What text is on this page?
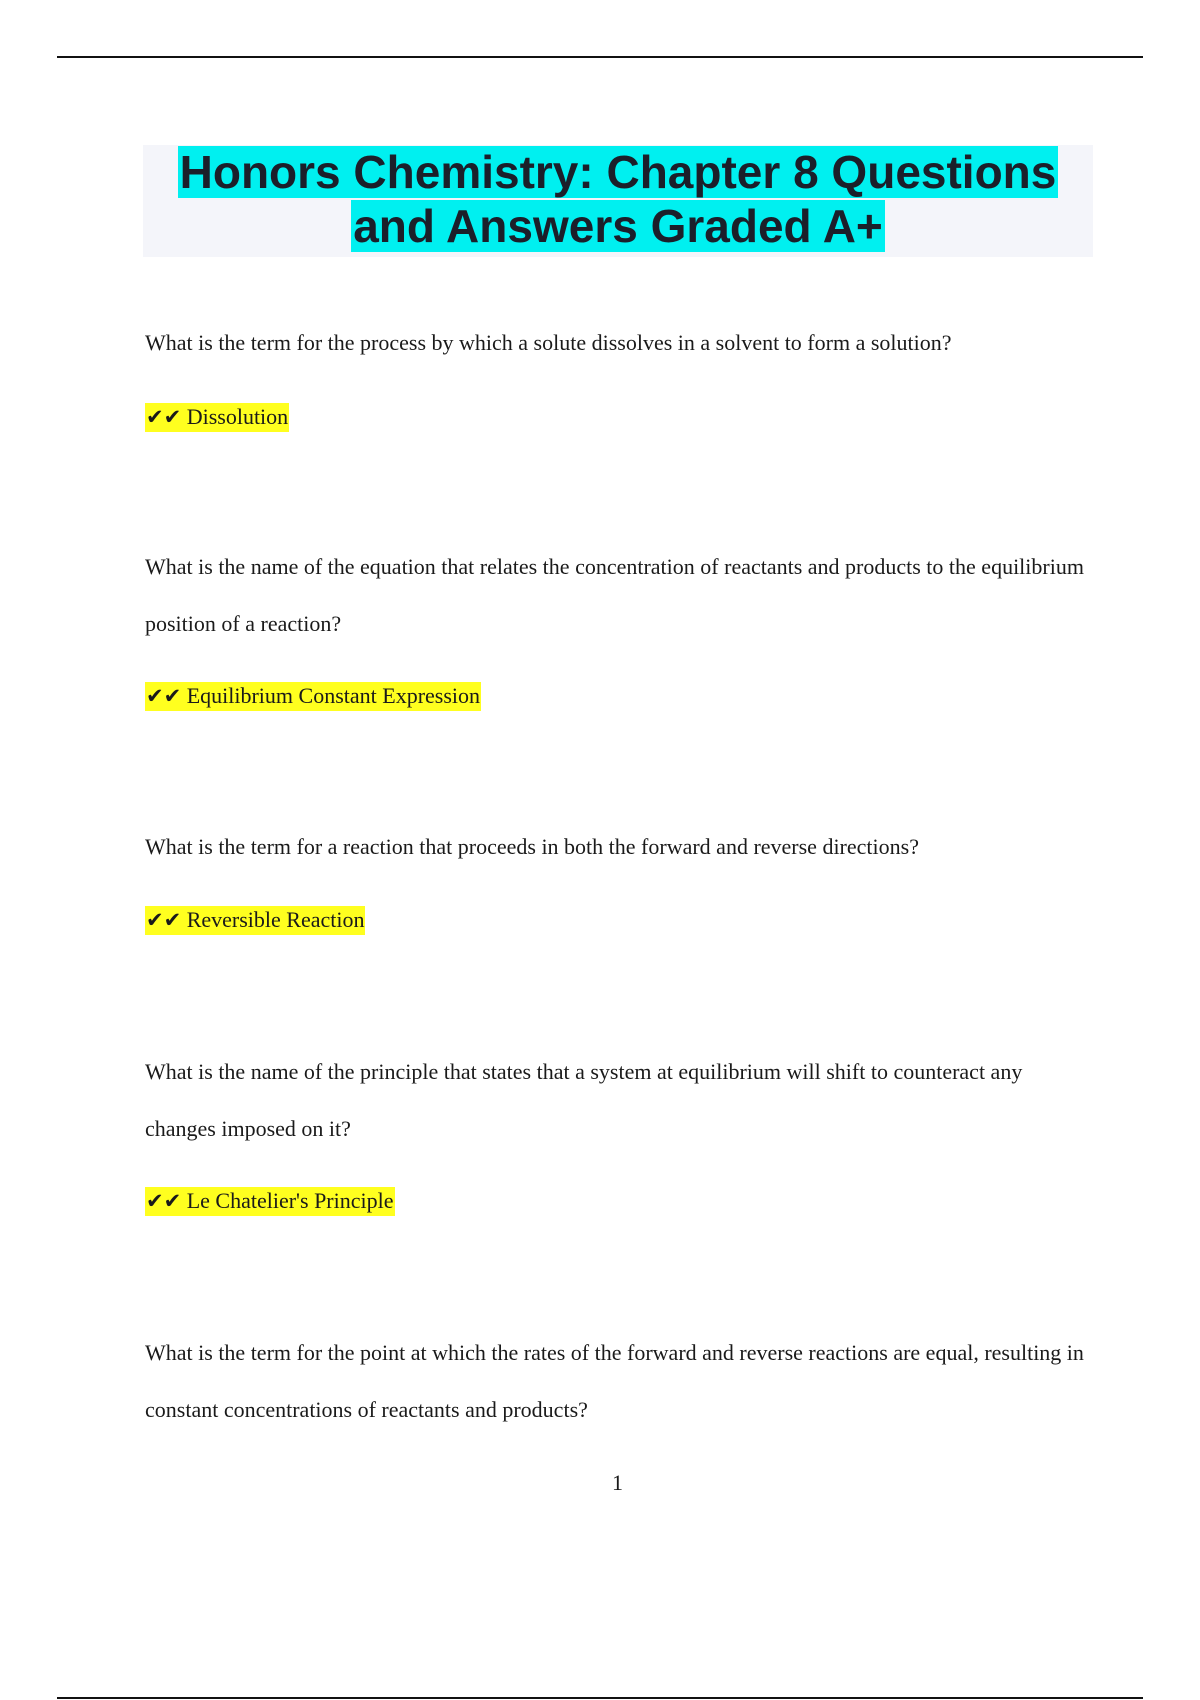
Honors Chemistry: Chapter 8 Questions
and Answers Graded A+

What is the term for the process by which a solute dissolves in a solvent to form a solution?

✔✔ Dissolution

What is the name of the equation that relates the concentration of reactants and products to the equilibrium position of a reaction?

✔✔ Equilibrium Constant Expression

What is the term for a reaction that proceeds in both the forward and reverse directions?

✔✔ Reversible Reaction

What is the name of the principle that states that a system at equilibrium will shift to counteract any changes imposed on it?

✔✔ Le Chatelier's Principle

What is the term for the point at which the rates of the forward and reverse reactions are equal, resulting in constant concentrations of reactants and products?

1
